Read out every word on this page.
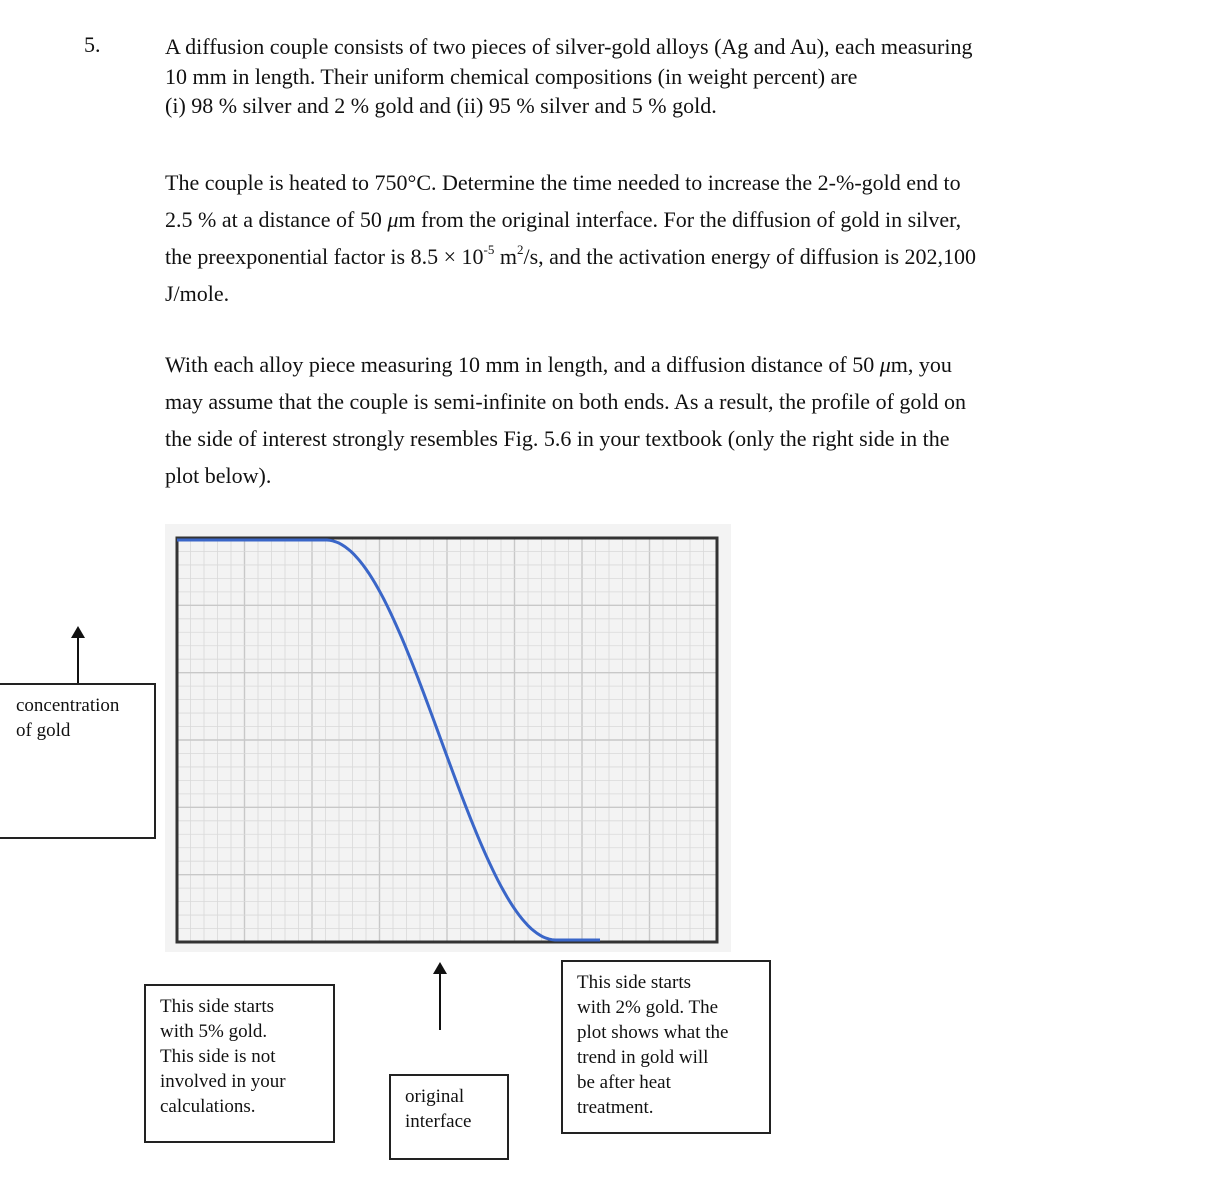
5.	A diffusion couple consists of two pieces of silver-gold alloys (Ag and Au), each measuring
10 mm in length. Their uniform chemical compositions (in weight percent) are
(i) 98 % silver and 2 % gold and (ii) 95 % silver and 5 % gold.

The couple is heated to 750°C. Determine the time needed to increase the 2-%-gold end to
2.5 % at a distance of 50 μm from the original interface. For the diffusion of gold in silver,
the preexponential factor is $8.5 \times 10^{-5}$ $m^2/s$, and the activation energy of diffusion is 202,100
J/mole.

With each alloy piece measuring 10 mm in length, and a diffusion distance of 50 μm, you
may assume that the couple is semi-infinite on both ends. As a result, the profile of gold on
the side of interest strongly resembles Fig. 5.6 in your textbook (only the right side in the
plot below).

concentration
of gold
This side starts
with 5% gold.
This side is not
involved in your
calculations.	original
interface
This side starts
with 2% gold. The
plot shows what the
trend in gold will
be after heat
treatment.
